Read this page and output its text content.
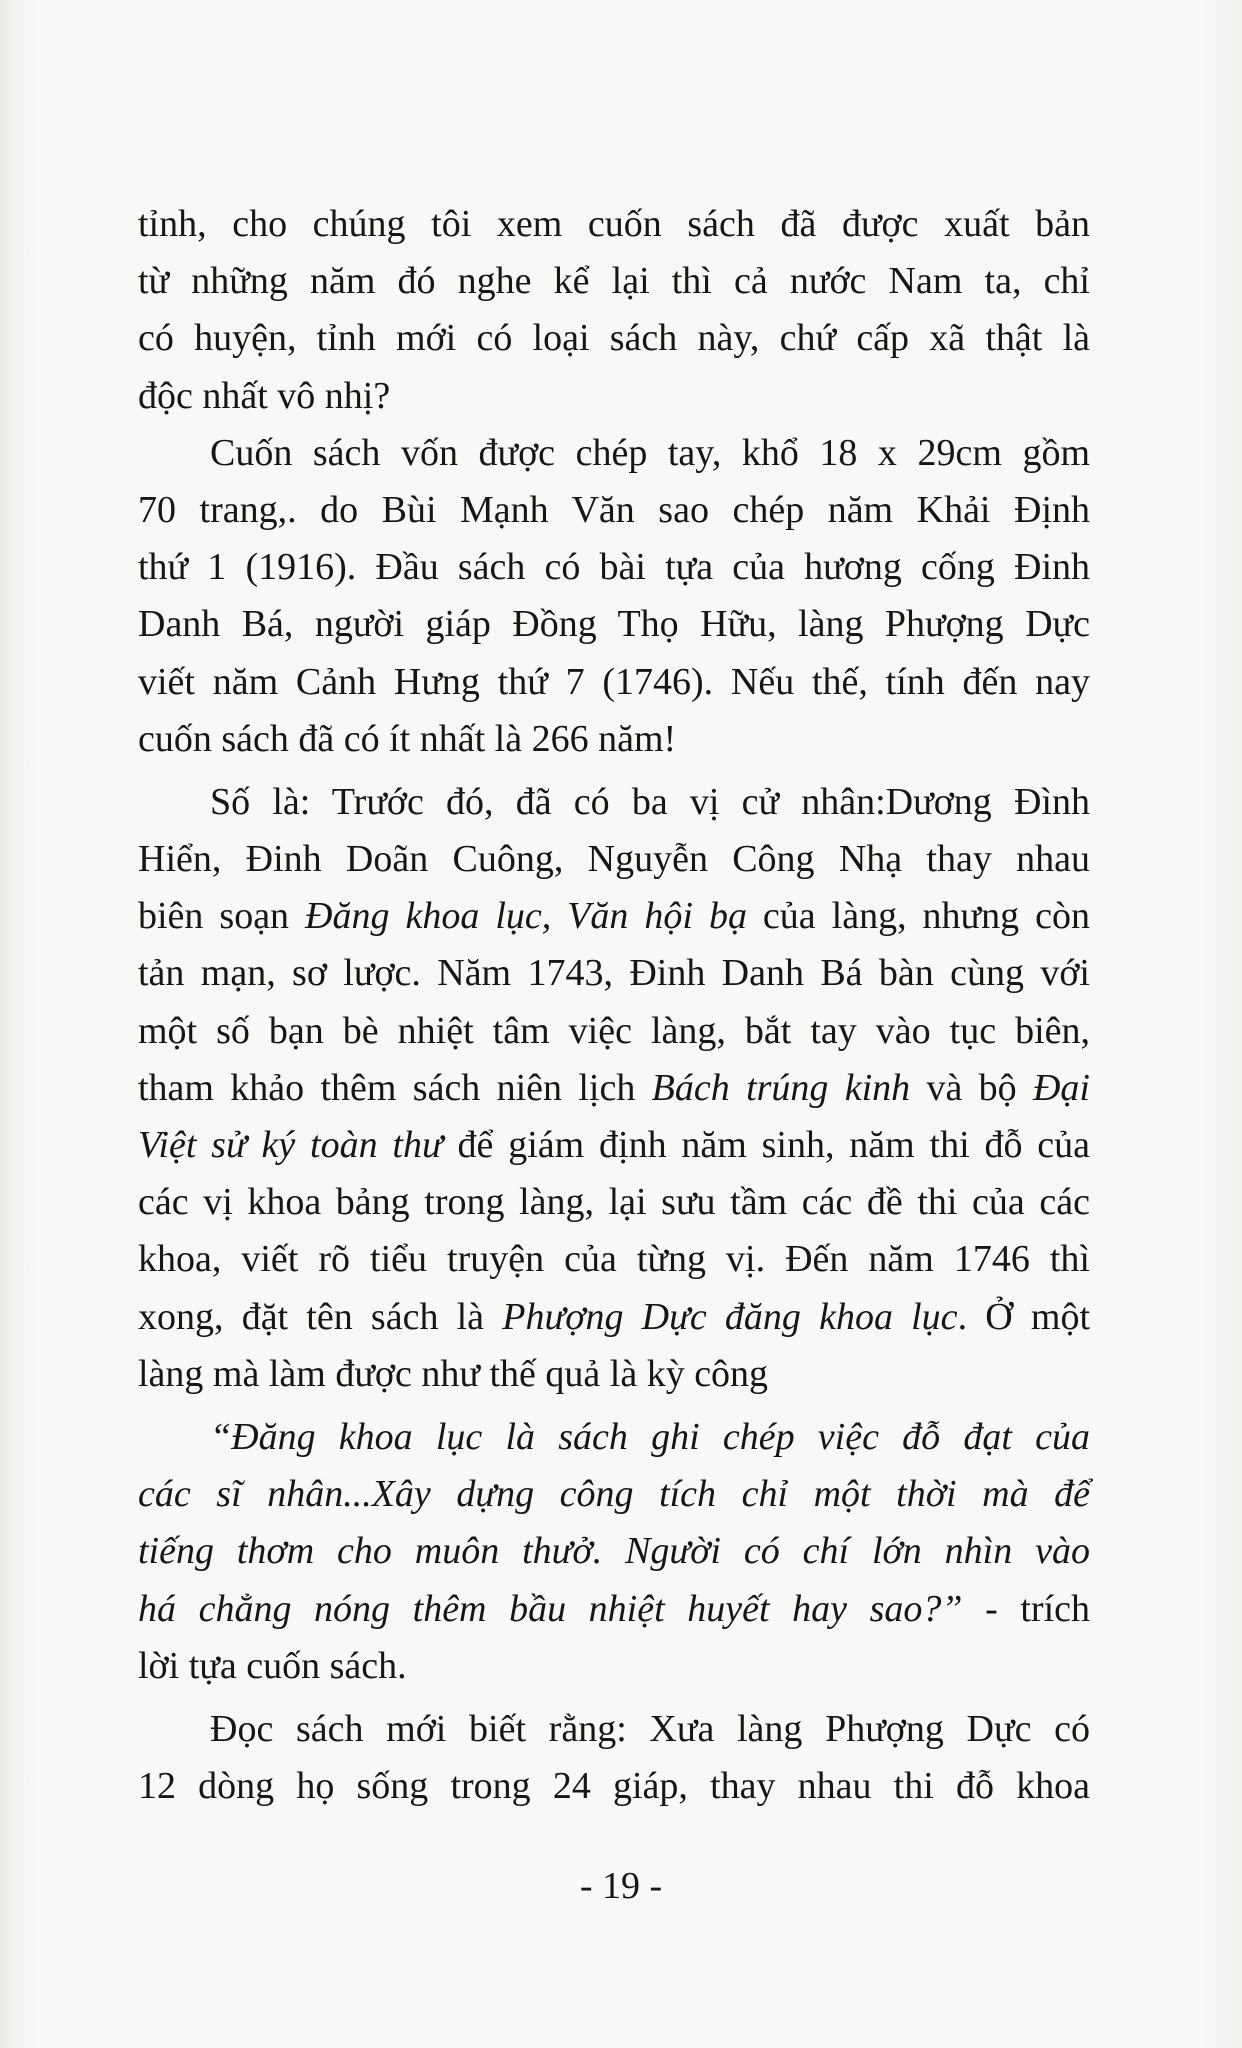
tỉnh, cho chúng tôi xem cuốn sách đã được xuất bản
từ những năm đó nghe kể lại thì cả nước Nam ta, chỉ
có huyện, tỉnh mới có loại sách này, chứ cấp xã thật là
độc nhất vô nhị?
Cuốn sách vốn được chép tay, khổ 18 x 29cm gồm
70 trang,. do Bùi Mạnh Văn sao chép năm Khải Định
thứ 1 (1916). Đầu sách có bài tựa của hương cống Đinh
Danh Bá, người giáp Đồng Thọ Hữu, làng Phượng Dực
viết năm Cảnh Hưng thứ 7 (1746). Nếu thế, tính đến nay
cuốn sách đã có ít nhất là 266 năm!
Số là: Trước đó, đã có ba vị cử nhân:Dương Đình
Hiển, Đinh Doãn Cuông, Nguyễn Công Nhạ thay nhau
biên soạn Đăng khoa lục, Văn hội bạ của làng, nhưng còn
tản mạn, sơ lược. Năm 1743, Đinh Danh Bá bàn cùng với
một số bạn bè nhiệt tâm việc làng, bắt tay vào tục biên,
tham khảo thêm sách niên lịch Bách trúng kinh và bộ Đại
Việt sử ký toàn thư để giám định năm sinh, năm thi đỗ của
các vị khoa bảng trong làng, lại sưu tầm các đề thi của các
khoa, viết rõ tiểu truyện của từng vị. Đến năm 1746 thì
xong, đặt tên sách là Phượng Dực đăng khoa lục. Ở một
làng mà làm được như thế quả là kỳ công
“Đăng khoa lục là sách ghi chép việc đỗ đạt của
các sĩ nhân...Xây dựng công tích chỉ một thời mà để
tiếng thơm cho muôn thưở. Người có chí lớn nhìn vào
há chẳng nóng thêm bầu nhiệt huyết hay sao?” - trích
lời tựa cuốn sách.
Đọc sách mới biết rằng: Xưa làng Phượng Dực có
12 dòng họ sống trong 24 giáp, thay nhau thi đỗ khoa
- 19 -
